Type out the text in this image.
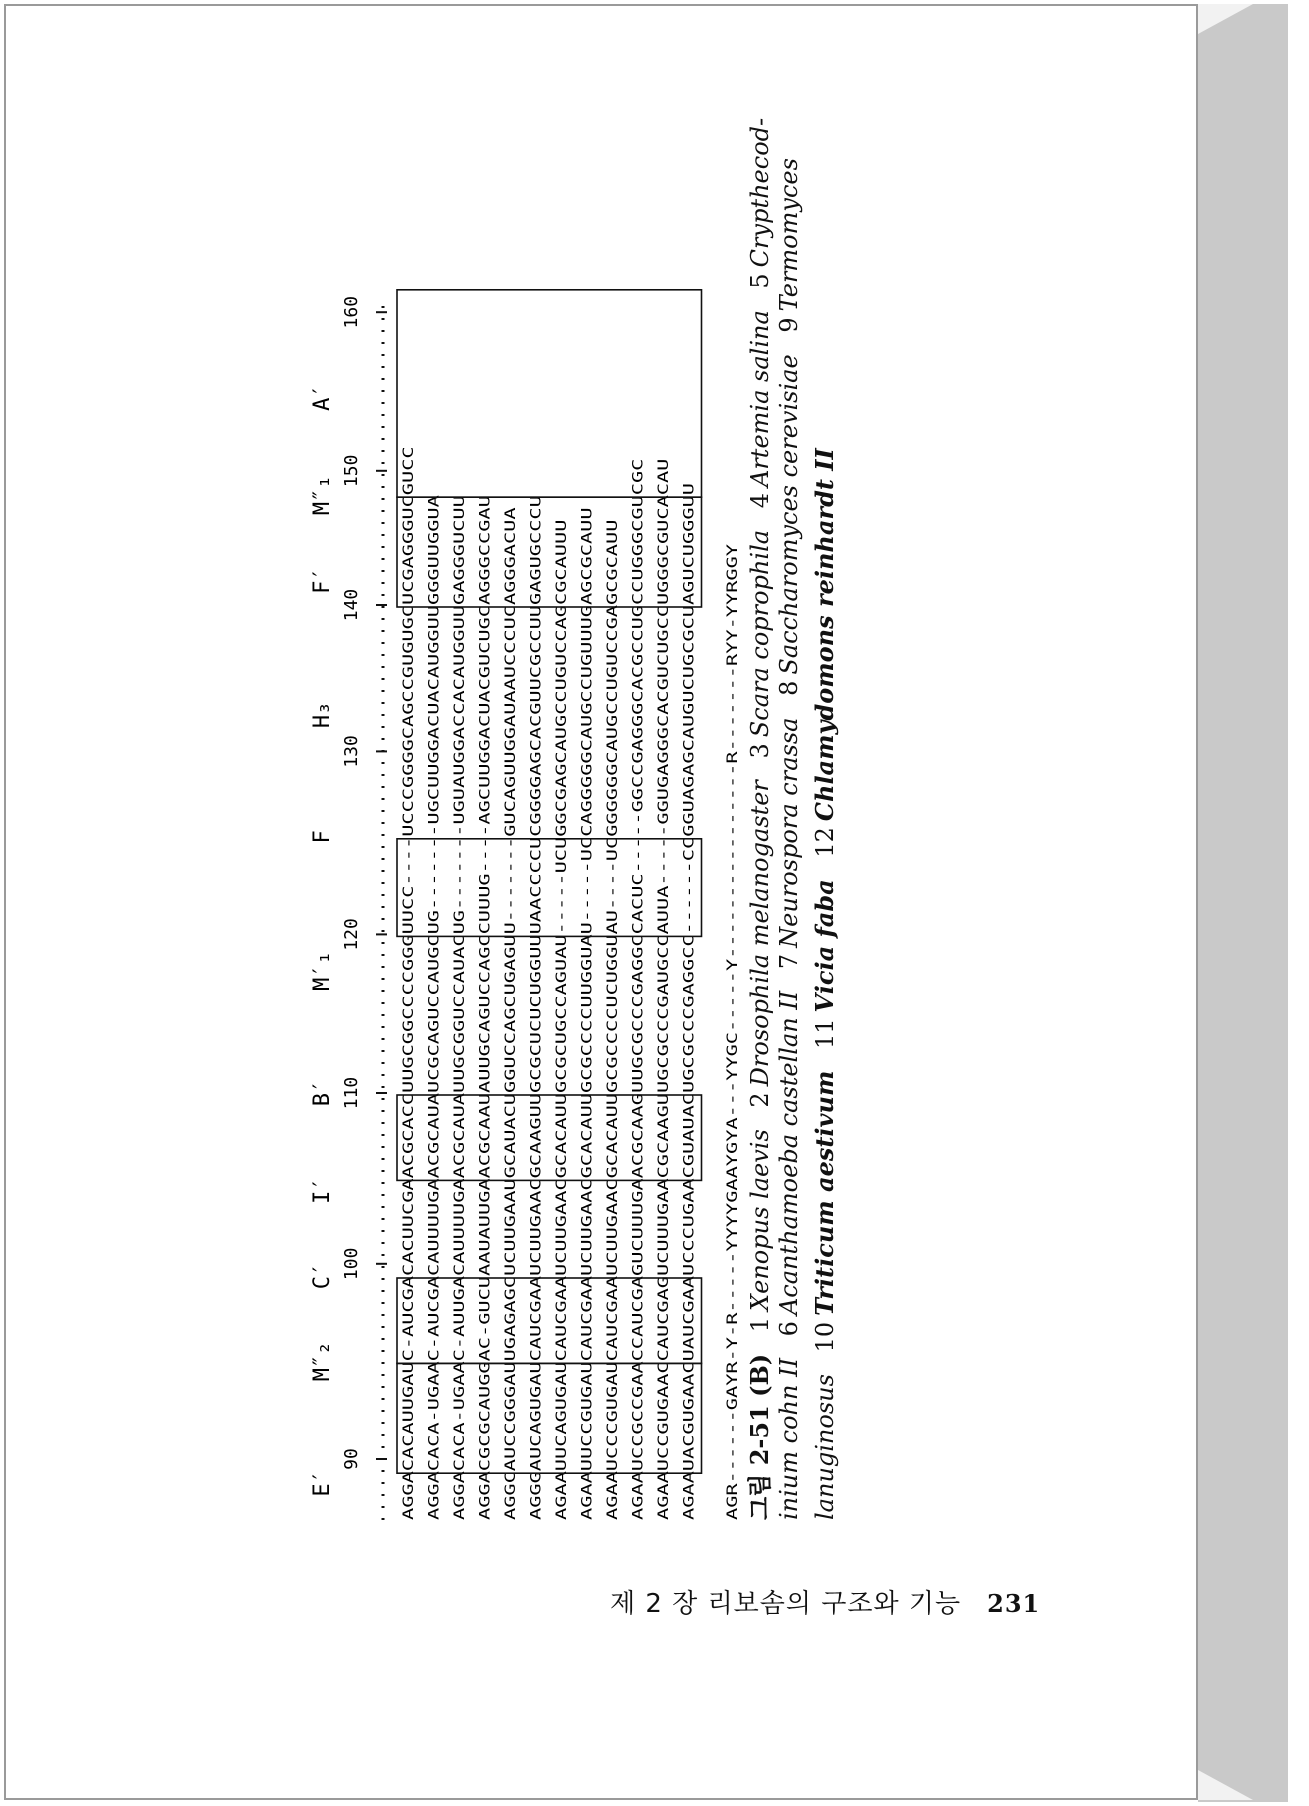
E′
M″₂
C′
I′
B′
M′₁
F
H₃
F′
M″₁
A′
90
100
110
120
130
140
150
160
AGGACACAUUGAUC-AUCGACACUUCGAACGCACCUUGCGGCCCCGGGUUCC----UCCCGGGGCAGCCGUGUGCUCGAGGGUCGUCC AGGACACA-UGAAC-AUCGACAUUUUGAACGCAUAUCGCAGUCCAUGCUG-------UGCUUGGACUACAUGGUUGGGUUGGUA AGGACACA-UGAAC-AUUGACAUUUUGAACGCAUAUUGCGGUCCAUACUG-------UGUAUGGACCACAUGGUUGAGGGUCUU AGGACGCGCAUGGAC-GUCUAAUAUUGAACGCAAUAUUGCAGUCCAGCCUUUG----AGCUUGGACUACGUCUGCAGGGCCGAU AGGCAUCCGGGAUUGAGAGCUCUUGAAUGCAUACUGGUCCAGCUGAGUU-------GUCAGUUGGAUAAUCCCUCAGGGACUA AGGGAUCAGUGAUCAUCGAAUCUUGAACGCAAGUUGCGCUCUCUGGUUUAACCCCUCGGGGAGCACGUUCGCCUUGAGUGCCCU AGAAUUCAGUGAUCAUCGAAUCUUGAACGCACAUUGCGCUGCCAGUAU-----UCUGGCGAGCAUGCCUGUCCAGCGCAUUU AGAAUUCCGUGAUCAUCGAAUCUUGAACGCACAUUGCGCCCCUUGGUAU-----UCCAGGGGGCAUGCCUGUUUGAGCGCAUU AGAAUCCCGUGAUCAUCGAAUCUUGAACGCACAUUGCGCCCCUCUGGUAU----UCGGGGGGCAUGCCUGUCCGAGCGCAUU AGAAUCCGCCGAACCAUCGAGUCUUUGAACGCAAGUUGCGCCCGAGGCCACUC-----GGCCGAGGGCACGCCUGCCUGGGCGUCGC AGAAUCCGUGAACCAUCGAGUCUUUGAACGCAAGUUGCGCCCGAUGCCAUUA-----GGUGAGGGCACGUCUGCCUGGGCGUCACAU AGAAUACGUGAACUAUCGAAUCCCUGAACGUAUACUGCGCCCGAGGCC------CCGGUAGAGCAUGUCUGCGCUAGUCUGGGUU AGR------GAYR-Y-R-----YYYYGAAYGYA---YYGC-----Y----------------R-------RYY-YYRGGY 그림 2-51 (B) 1Xenopus laevis 2Drosophila melanogaster 3Scara coprophila 4Artemia salina 5Crypthecod-
inium cohn II 6Acanthamoeba castellan II 7Neurospora crassa 8Saccharomyces cerevisiae 9Termomyces
lanuginosus 10Triticum aestivum 11Vicia faba 12Chlamydomons reinhardt II
제 2 장 리보솜의 구조와 기능 231
